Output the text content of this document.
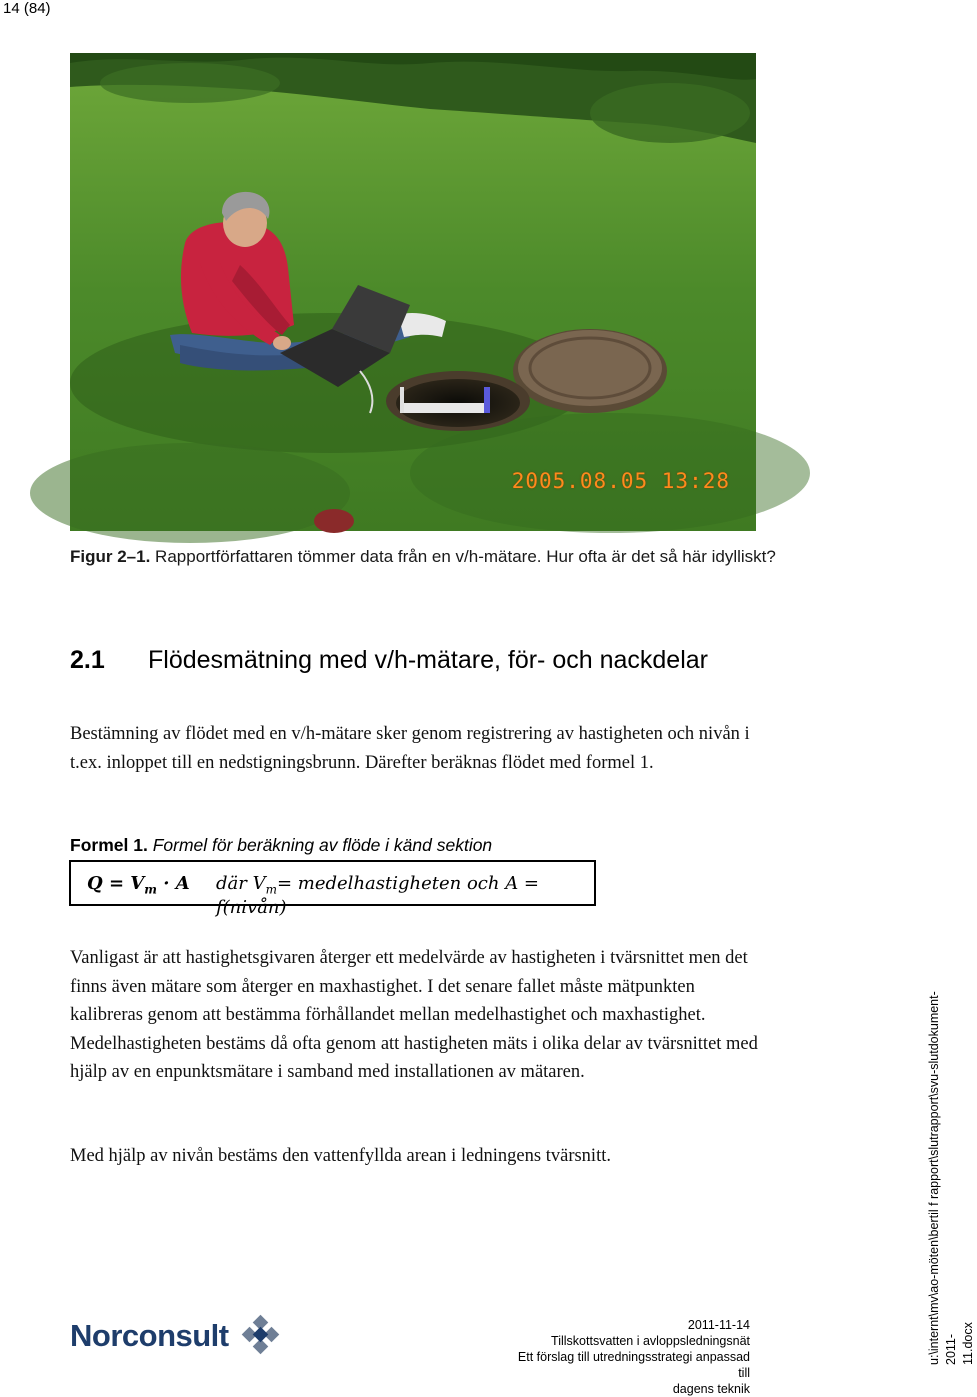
14 (84)
2005.08.05 13:28
Figur 2–1. Rapportförfattaren tömmer data från en v/h-mätare. Hur ofta är det så här idylliskt?
2.1	Flödesmätning med v/h-mätare, för- och nackdelar
Bestämning av flödet med en v/h-mätare sker genom registrering av hastigheten och nivån i t.ex. inloppet till en nedstigningsbrunn. Därefter beräknas flödet med formel 1.
Formel 1. Formel för beräkning av flöde i känd sektion
$Q = V_m \cdot A$ där $V_m=$ medelhastigheten och A = f(nivån)
Vanligast är att hastighetsgivaren återger ett medelvärde av hastigheten i tvärsnittet men det finns även mätare som återger en maxhastighet. I det senare fallet måste mätpunkten kalibreras genom att bestämma förhållandet mellan medelhastighet och maxhastighet. Medelhastigheten bestäms då ofta genom att hastigheten mäts i olika delar av tvärsnittet med hjälp av en enpunktsmätare i samband med installationen av mätaren.
Med hjälp av nivån bestäms den vattenfyllda arean i ledningens tvärsnitt.
Norconsult	2011-11-14
Tillskottsvatten i avloppsledningsnät
Ett förslag till utredningsstrategi anpassad till
dagens teknik
u:\internt\mv\ao-möten\bertil f rapport\slutrapport\svu-slutdokument-2011- 11.docx
